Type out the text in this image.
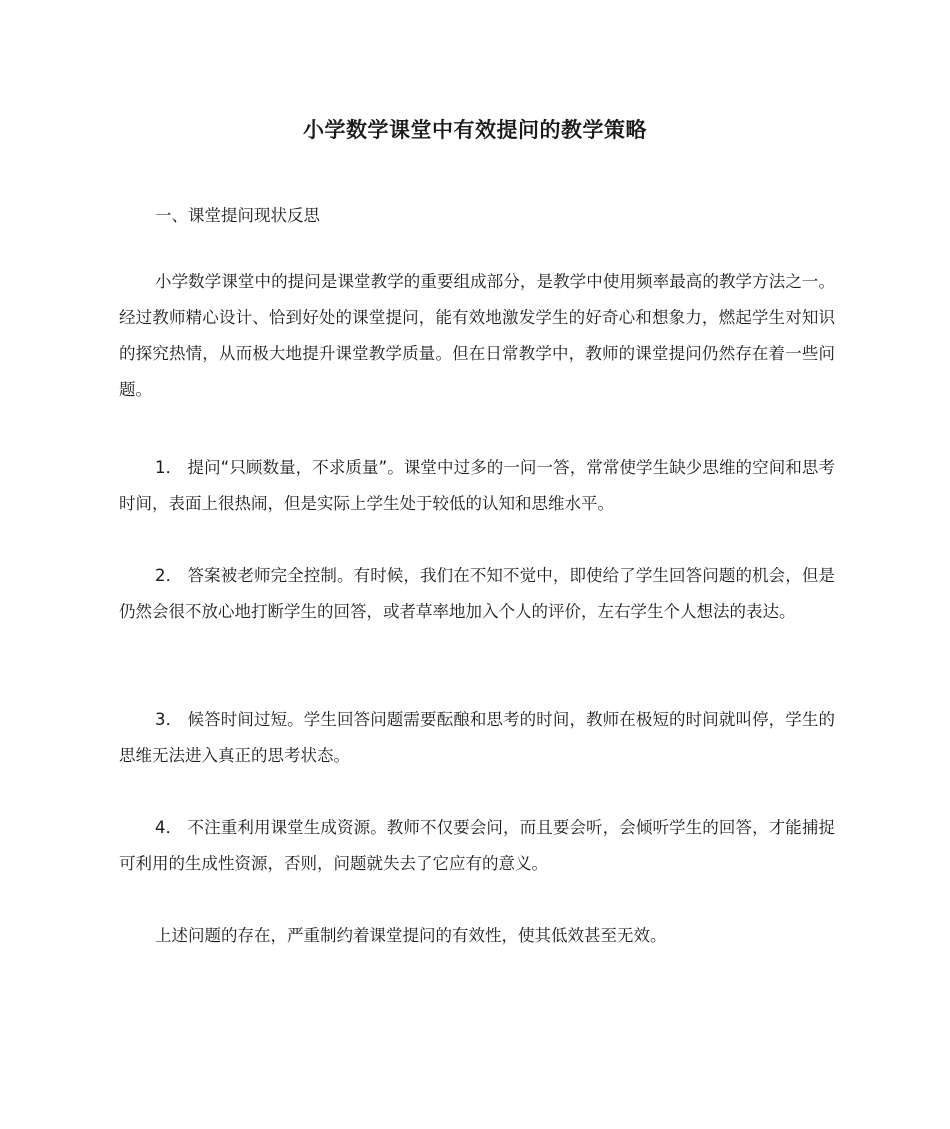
小学数学课堂中有效提问的教学策略

一、课堂提问现状反思

小学数学课堂中的提问是课堂教学的重要组成部分，是教学中使用频率最高的教学方法之一。经过教师精心设计、恰到好处的课堂提问，能有效地激发学生的好奇心和想象力，燃起学生对知识的探究热情，从而极大地提升课堂教学质量。但在日常教学中，教师的课堂提问仍然存在着一些问题。

1． 提问“只顾数量，不求质量”。课堂中过多的一问一答，常常使学生缺少思维的空间和思考时间，表面上很热闹，但是实际上学生处于较低的认知和思维水平。

2． 答案被老师完全控制。有时候，我们在不知不觉中，即使给了学生回答问题的机会，但是仍然会很不放心地打断学生的回答，或者草率地加入个人的评价，左右学生个人想法的表达。

3． 候答时间过短。学生回答问题需要酝酿和思考的时间，教师在极短的时间就叫停，学生的思维无法进入真正的思考状态。

4． 不注重利用课堂生成资源。教师不仅要会问，而且要会听，会倾听学生的回答，才能捕捉可利用的生成性资源，否则，问题就失去了它应有的意义。

上述问题的存在，严重制约着课堂提问的有效性，使其低效甚至无效。
